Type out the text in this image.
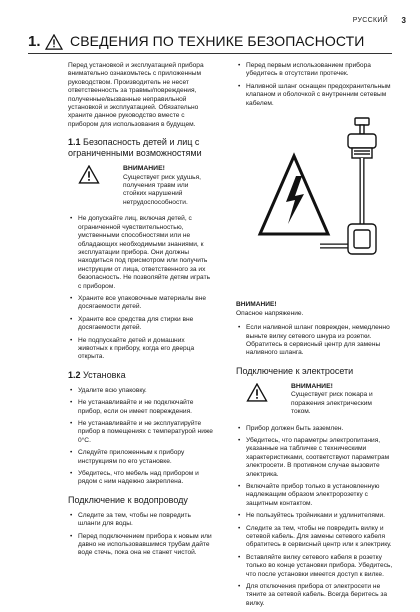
РУССКИЙ 3
1. СВЕДЕНИЯ ПО ТЕХНИКЕ БЕЗОПАСНОСТИ

Перед установкой и эксплуатацией прибора внимательно ознакомьтесь с приложенным руководством. Производитель не несет ответственность за травмы/повреждения, полученные/вызванные неправильной установкой и эксплуатацией. Обязательно храните данное руководство вместе с прибором для использования в будущем.

1.1 Безопасность детей и лиц с ограниченными возможностями
ВНИМАНИЕ!
Существует риск удушья, получения травм или стойких нарушений нетрудоспособности.
• Не допускайте лиц, включая детей, с ограниченной чувствительностью, умственными способностями или не обладающих необходимыми знаниями, к эксплуатации прибора. Они должны находиться под присмотром или получить инструкции от лица, ответственного за их безопасность. Не позволяйте детям играть с прибором.
• Храните все упаковочные материалы вне досягаемости детей.
• Храните все средства для стирки вне досягаемости детей.
• Не подпускайте детей и домашних животных к прибору, когда его дверца открыта.
1.2 Установка
• Удалите всю упаковку.
• Не устанавливайте и не подключайте прибор, если он имеет повреждения.
• Не устанавливайте и не эксплуатируйте прибор в помещениях с температурой ниже 0°C.
• Следуйте приложенным к прибору инструкциям по его установке.
• Убедитесь, что мебель над прибором и рядом с ним надежно закреплена.
Подключение к водопроводу
• Следите за тем, чтобы не повредить шланги для воды.
• Перед подключением прибора к новым или давно не использовавшимся трубам дайте воде стечь, пока она не станет чистой.
• Перед первым использованием прибора убедитесь в отсутствии протечек.
• Наливной шланг оснащен предохранительным клапаном и оболочкой с внутренним сетевым кабелем.
ВНИМАНИЕ!
Опасное напряжение.
• Если наливной шланг поврежден, немедленно выньте вилку сетевого шнура из розетки. Обратитесь в сервисный центр для замены наливного шланга.
Подключение к электросети
ВНИМАНИЕ!
Существует риск пожара и поражения электрическим током.
• Прибор должен быть заземлен.
• Убедитесь, что параметры электропитания, указанные на табличке с техническими характеристиками, соответствуют параметрам электросети. В противном случае вызовите электрика.
• Включайте прибор только в установленную надлежащим образом электророзетку с защитным контактом.
• Не пользуйтесь тройниками и удлинителями.
• Следите за тем, чтобы не повредить вилку и сетевой кабель. Для замены сетевого кабеля обратитесь в сервисный центр или к электрику.
• Вставляйте вилку сетевого кабеля в розетку только во конце установки прибора. Убедитесь, что после установки имеется доступ к вилке.
• Для отключения прибора от электросети не тяните за сетевой кабель. Всегда беритесь за вилку.
